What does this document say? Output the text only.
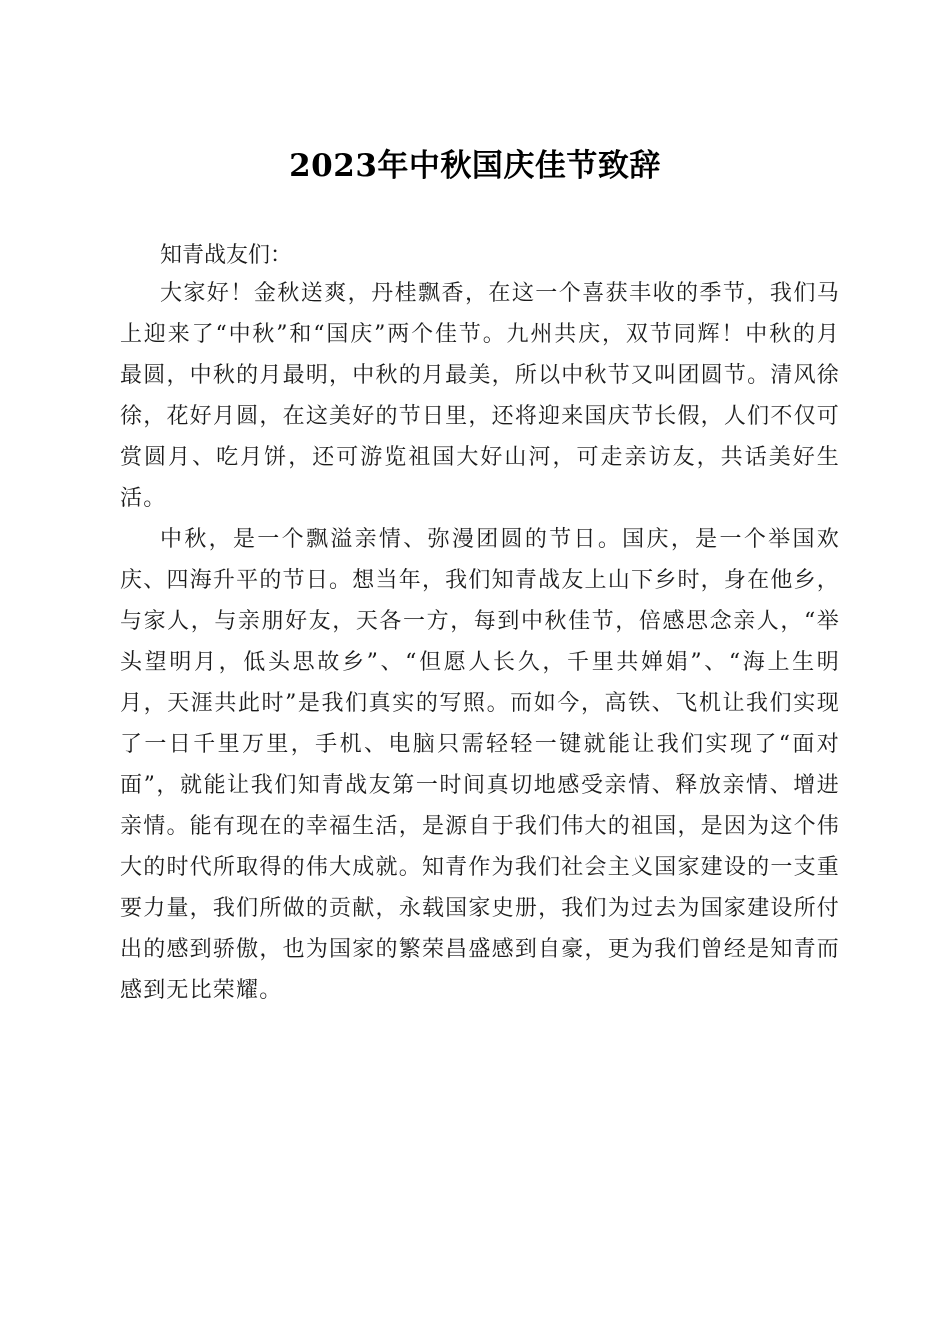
2023年中秋国庆佳节致辞
知青战友们：

大家好！金秋送爽，丹桂飘香，在这一个喜获丰收的季节，我们马上迎来了“中秋”和“国庆”两个佳节。九州共庆，双节同辉！中秋的月最圆，中秋的月最明，中秋的月最美，所以中秋节又叫团圆节。清风徐徐，花好月圆，在这美好的节日里，还将迎来国庆节长假，人们不仅可赏圆月、吃月饼，还可游览祖国大好山河，可走亲访友，共话美好生活。

中秋，是一个飘溢亲情、弥漫团圆的节日。国庆，是一个举国欢庆、四海升平的节日。想当年，我们知青战友上山下乡时，身在他乡，与家人，与亲朋好友，天各一方，每到中秋佳节，倍感思念亲人，“举头望明月，低头思故乡”、“但愿人长久，千里共婵娟”、“海上生明月，天涯共此时”是我们真实的写照。而如今，高铁、飞机让我们实现了一日千里万里，手机、电脑只需轻轻一键就能让我们实现了“面对面”，就能让我们知青战友第一时间真切地感受亲情、释放亲情、增进亲情。能有现在的幸福生活，是源自于我们伟大的祖国，是因为这个伟大的时代所取得的伟大成就。知青作为我们社会主义国家建设的一支重要力量，我们所做的贡献，永载国家史册，我们为过去为国家建设所付出的感到骄傲，也为国家的繁荣昌盛感到自豪，更为我们曾经是知青而感到无比荣耀。
